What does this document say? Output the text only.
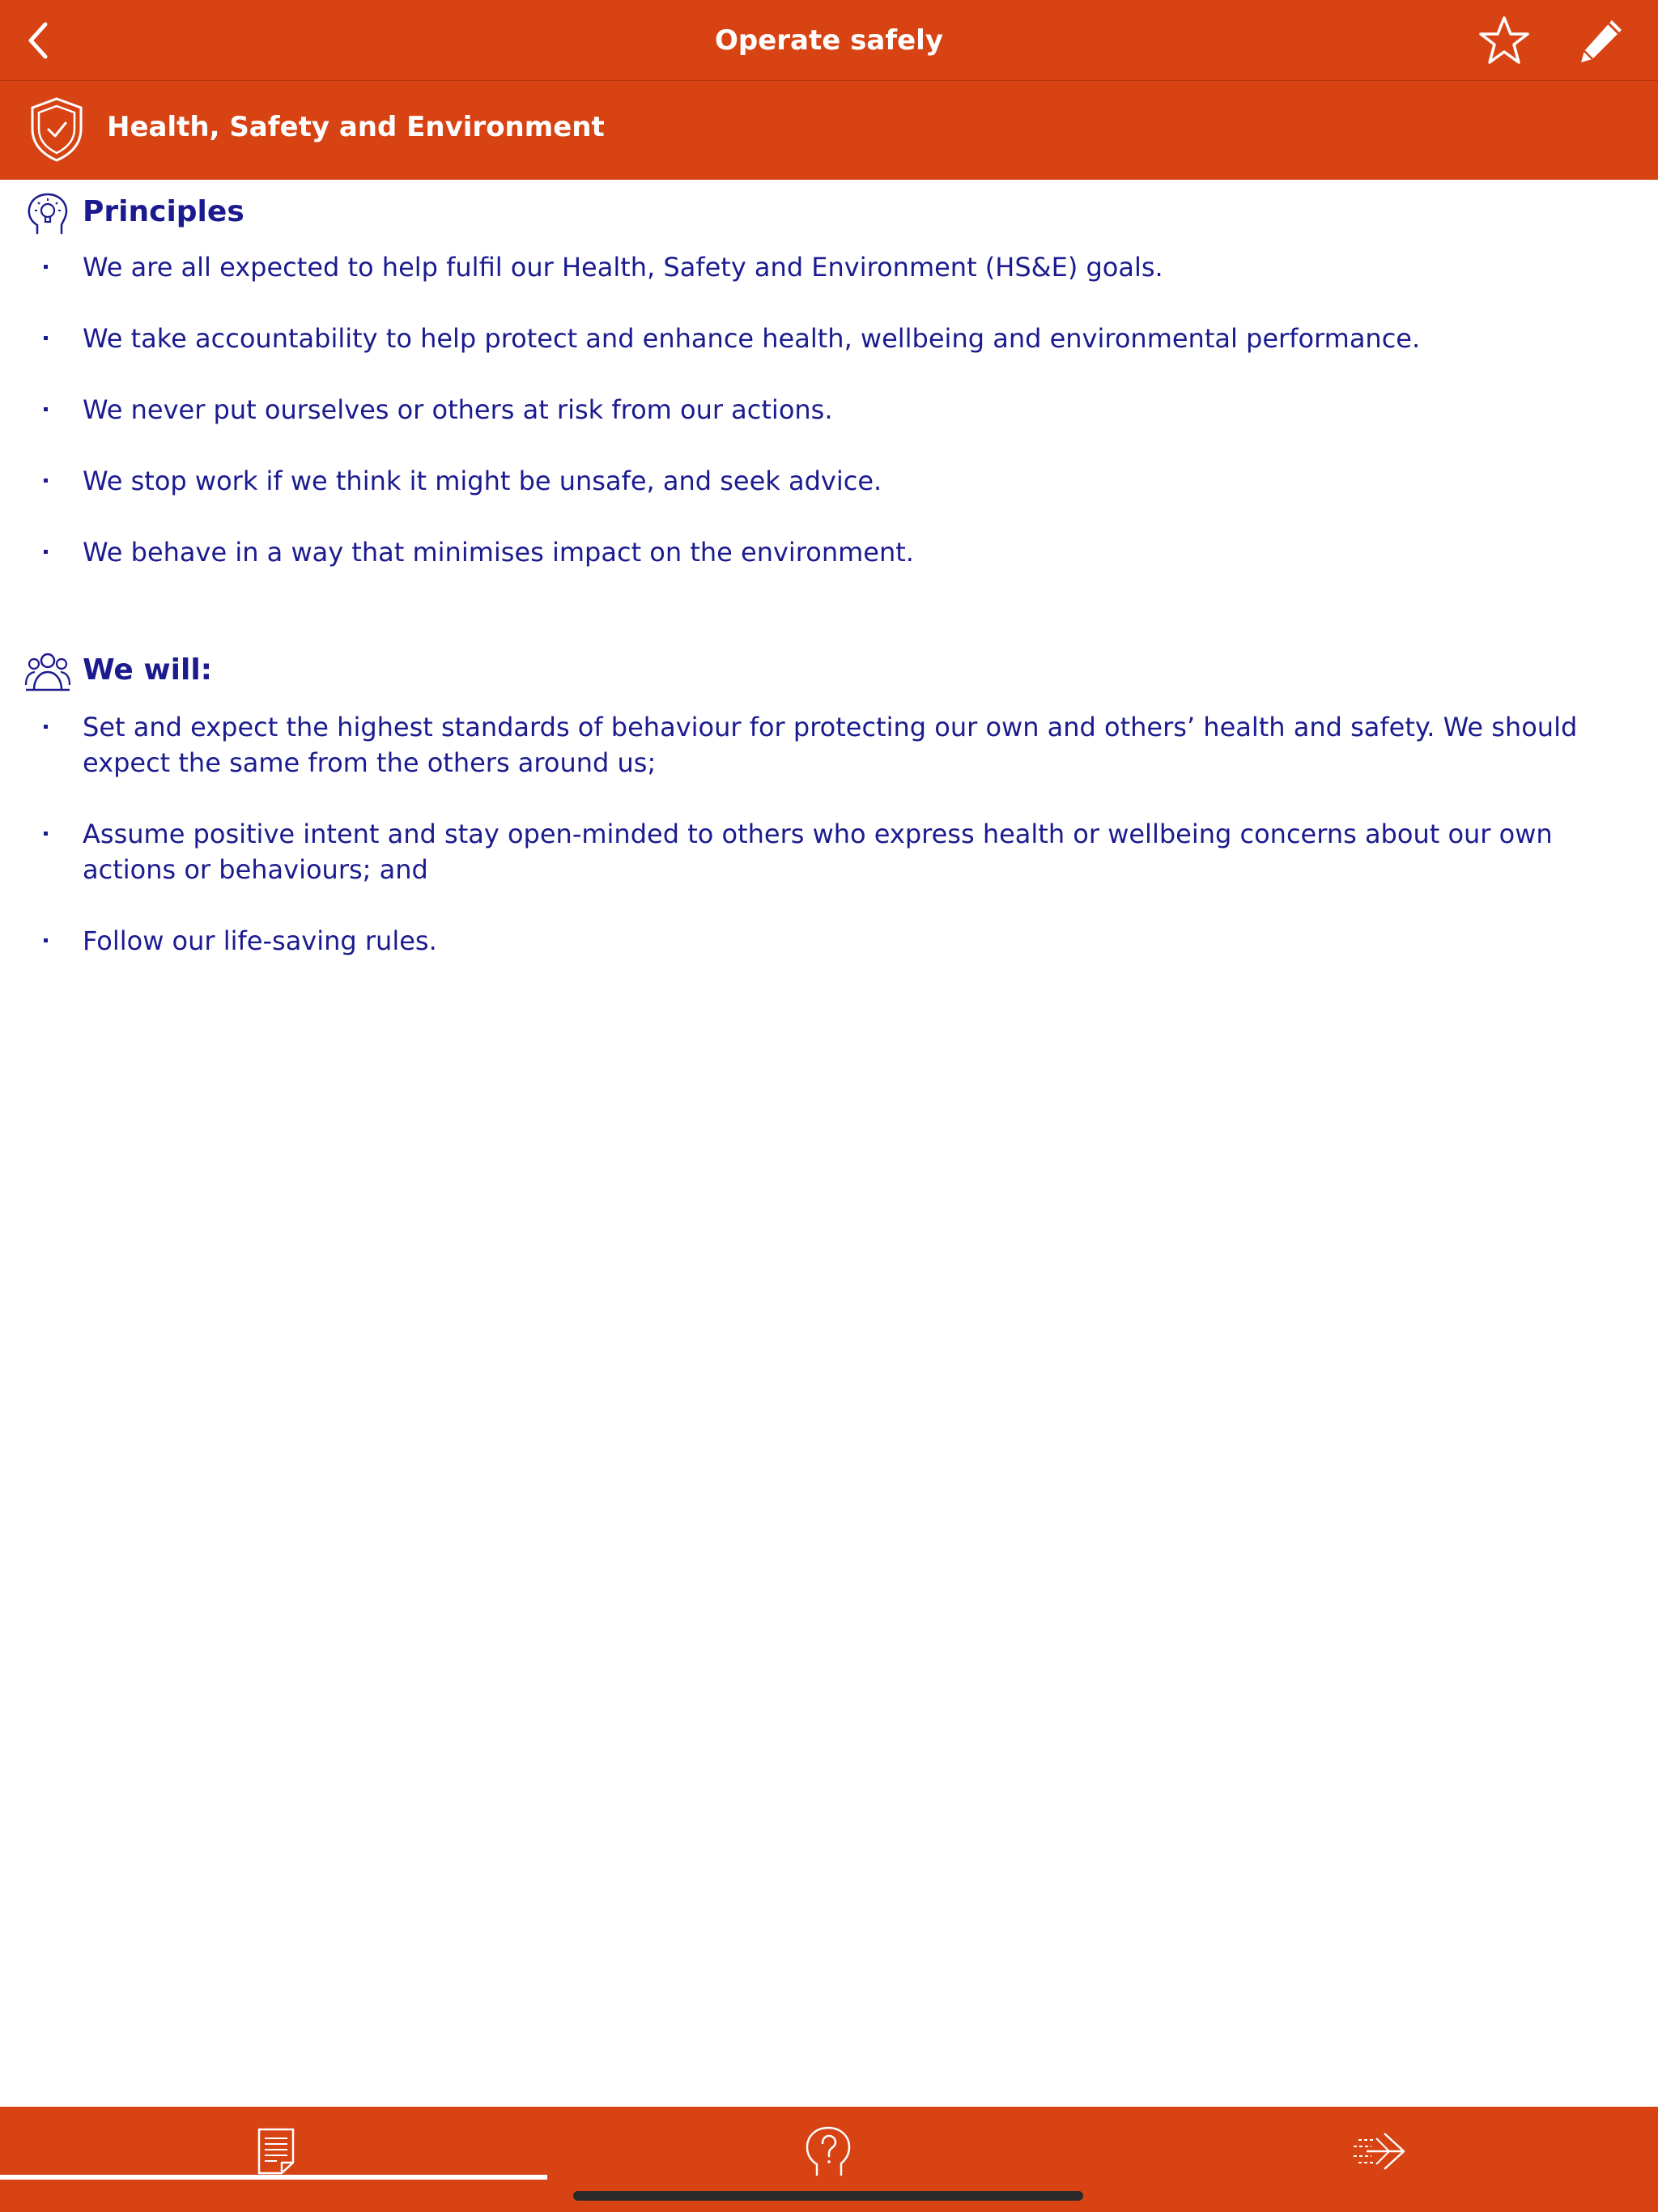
Operate safely
Health, Safety and Environment
Principles
We are all expected to help fulfil our Health, Safety and Environment (HS&E) goals.
We take accountability to help protect and enhance health, wellbeing and environmental performance.
We never put ourselves or others at risk from our actions.
We stop work if we think it might be unsafe, and seek advice.
We behave in a way that minimises impact on the environment.
We will:
Set and expect the highest standards of behaviour for protecting our own and others’ health and safety. We should expect the same from the others around us;
Assume positive intent and stay open-minded to others who express health or wellbeing concerns about our own actions or behaviours; and
Follow our life-saving rules.
